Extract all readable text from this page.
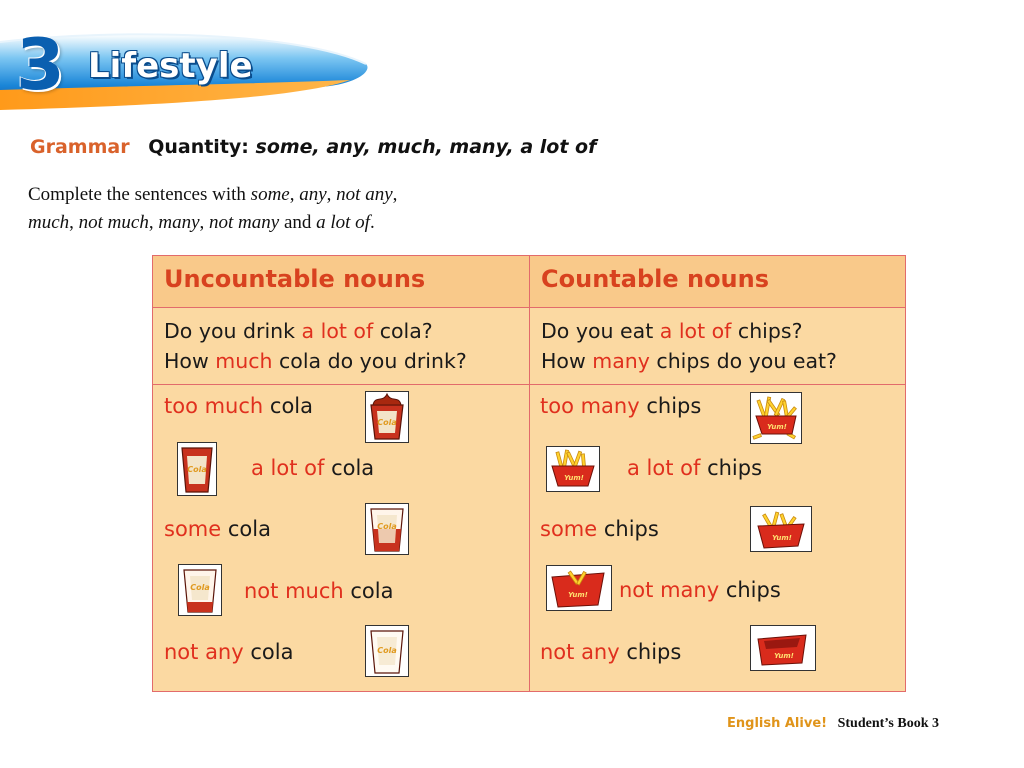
3 Lifestyle
Grammar Quantity: some, any, much, many, a lot of
Complete the sentences with some, any, not any,
much, not much, many, not many and a lot of.
Uncountable nouns	Countable nouns
Do you drink a lot of cola?
How much cola do you drink?
Do you eat a lot of chips?
How many chips do you eat?
too much cola
a lot of cola
some cola
not much cola
not any cola
Cola
Cola
Cola
Cola
Cola
too many chips
a lot of chips
some chips
not many chips
not any chips
Yum!
Yum!
Yum!
Yum!
Yum!
English Alive! Student’s Book 3
